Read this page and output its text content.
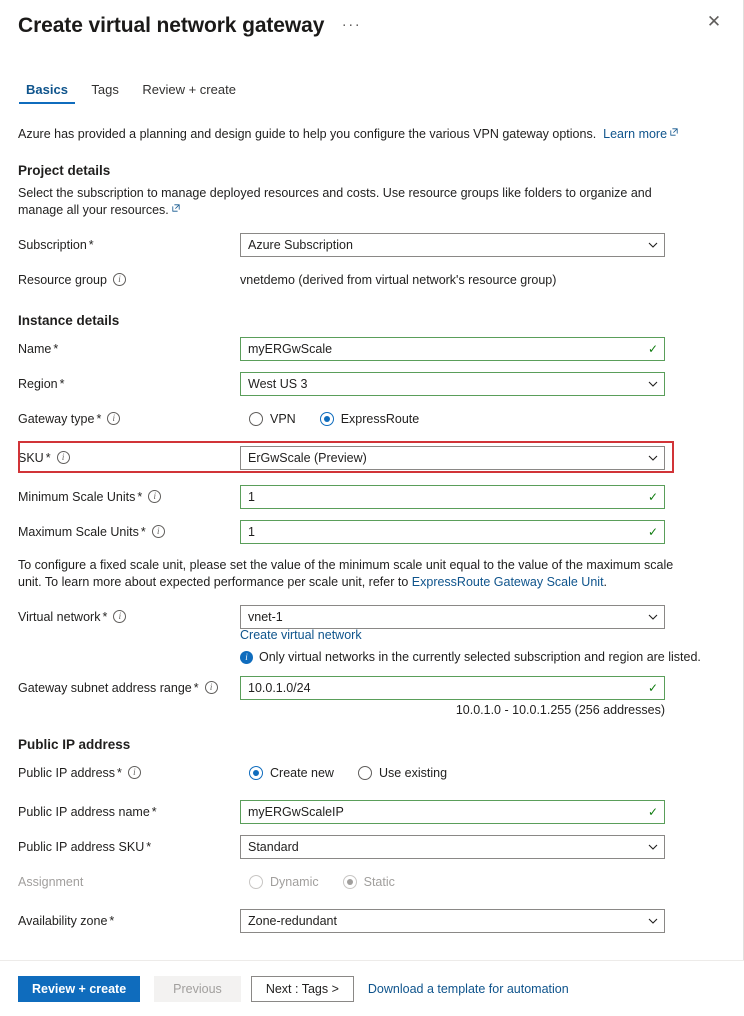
Create virtual network gateway ···	✕
Basics Tags Review + create
Azure has provided a planning and design guide to help you configure the various VPN gateway options. Learn more
Project details
Select the subscription to manage deployed resources and costs. Use resource groups like folders to organize and manage all your resources.
Subscription *	Azure Subscription
Resource group	i	vnetdemo (derived from virtual network's resource group)
Instance details
Name *	myERGwScale	✓
Region *	West US 3
Gateway type *	i	VPN	ExpressRoute
SKU *	i	ErGwScale (Preview)
Minimum Scale Units *	i	1	✓
Maximum Scale Units *	i	1	✓
To configure a fixed scale unit, please set the value of the minimum scale unit equal to the value of the maximum scale unit. To learn more about expected performance per scale unit, refer to ExpressRoute Gateway Scale Unit.
Virtual network *	i	vnet-1
Create virtual network
i Only virtual networks in the currently selected subscription and region are listed.
Gateway subnet address range *	i	10.0.1.0/24	✓
10.0.1.0 - 10.0.1.255 (256 addresses)
Public IP address
Public IP address *	i	Create new	Use existing
Public IP address name *	myERGwScaleIP	✓
Public IP address SKU *	Standard
Assignment	Dynamic	Static
Availability zone *	Zone-redundant
Review + create	Previous	Next : Tags >	Download a template for automation
